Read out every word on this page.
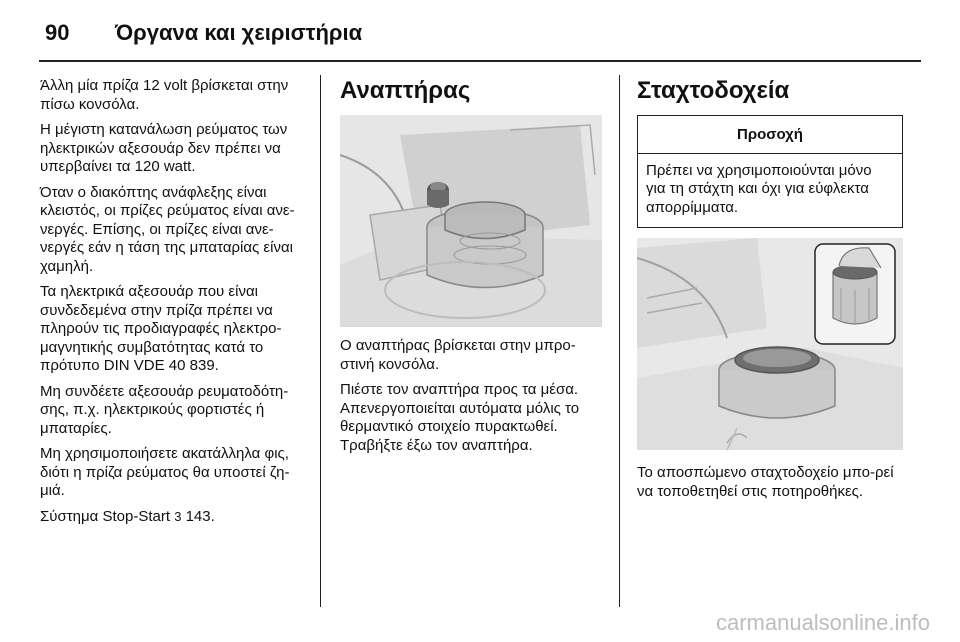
90 Όργανα και χειριστήρια

Άλλη μία πρίζα 12 volt βρίσκεται στην πίσω κονσόλα.

Η μέγιστη κατανάλωση ρεύματος των ηλεκτρικών αξεσουάρ δεν πρέπει να υπερβαίνει τα 120 watt.

Όταν ο διακόπτης ανάφλεξης είναι κλειστός, οι πρίζες ρεύματος είναι ανε-νεργές. Επίσης, οι πρίζες είναι ανε-νεργές εάν η τάση της μπαταρίας είναι χαμηλή.

Τα ηλεκτρικά αξεσουάρ που είναι συνδεδεμένα στην πρίζα πρέπει να πληρούν τις προδιαγραφές ηλεκτρο-μαγνητικής συμβατότητας κατά το πρότυπο DIN VDE 40 839.

Μη συνδέετε αξεσουάρ ρευματοδότη-σης, π.χ. ηλεκτρικούς φορτιστές ή μπαταρίες.

Μη χρησιμοποιήσετε ακατάλληλα φις, διότι η πρίζα ρεύματος θα υποστεί ζη-μιά.

Σύστημα Stop-Start 3 143.

Αναπτήρας

Ο αναπτήρας βρίσκεται στην μπρο-στινή κονσόλα.

Πιέστε τον αναπτήρα προς τα μέσα. Απενεργοποιείται αυτόματα μόλις το θερμαντικό στοιχείο πυρακτωθεί. Τραβήξτε έξω τον αναπτήρα.

Σταχτοδοχεία
Προσοχή
Πρέπει να χρησιμοποιούνται μόνο για τη στάχτη και όχι για εύφλεκτα απορρίμματα.

Το αποσπώμενο σταχτοδοχείο μπο-ρεί να τοποθετηθεί στις ποτηροθήκες.

carmanualsonline.info
